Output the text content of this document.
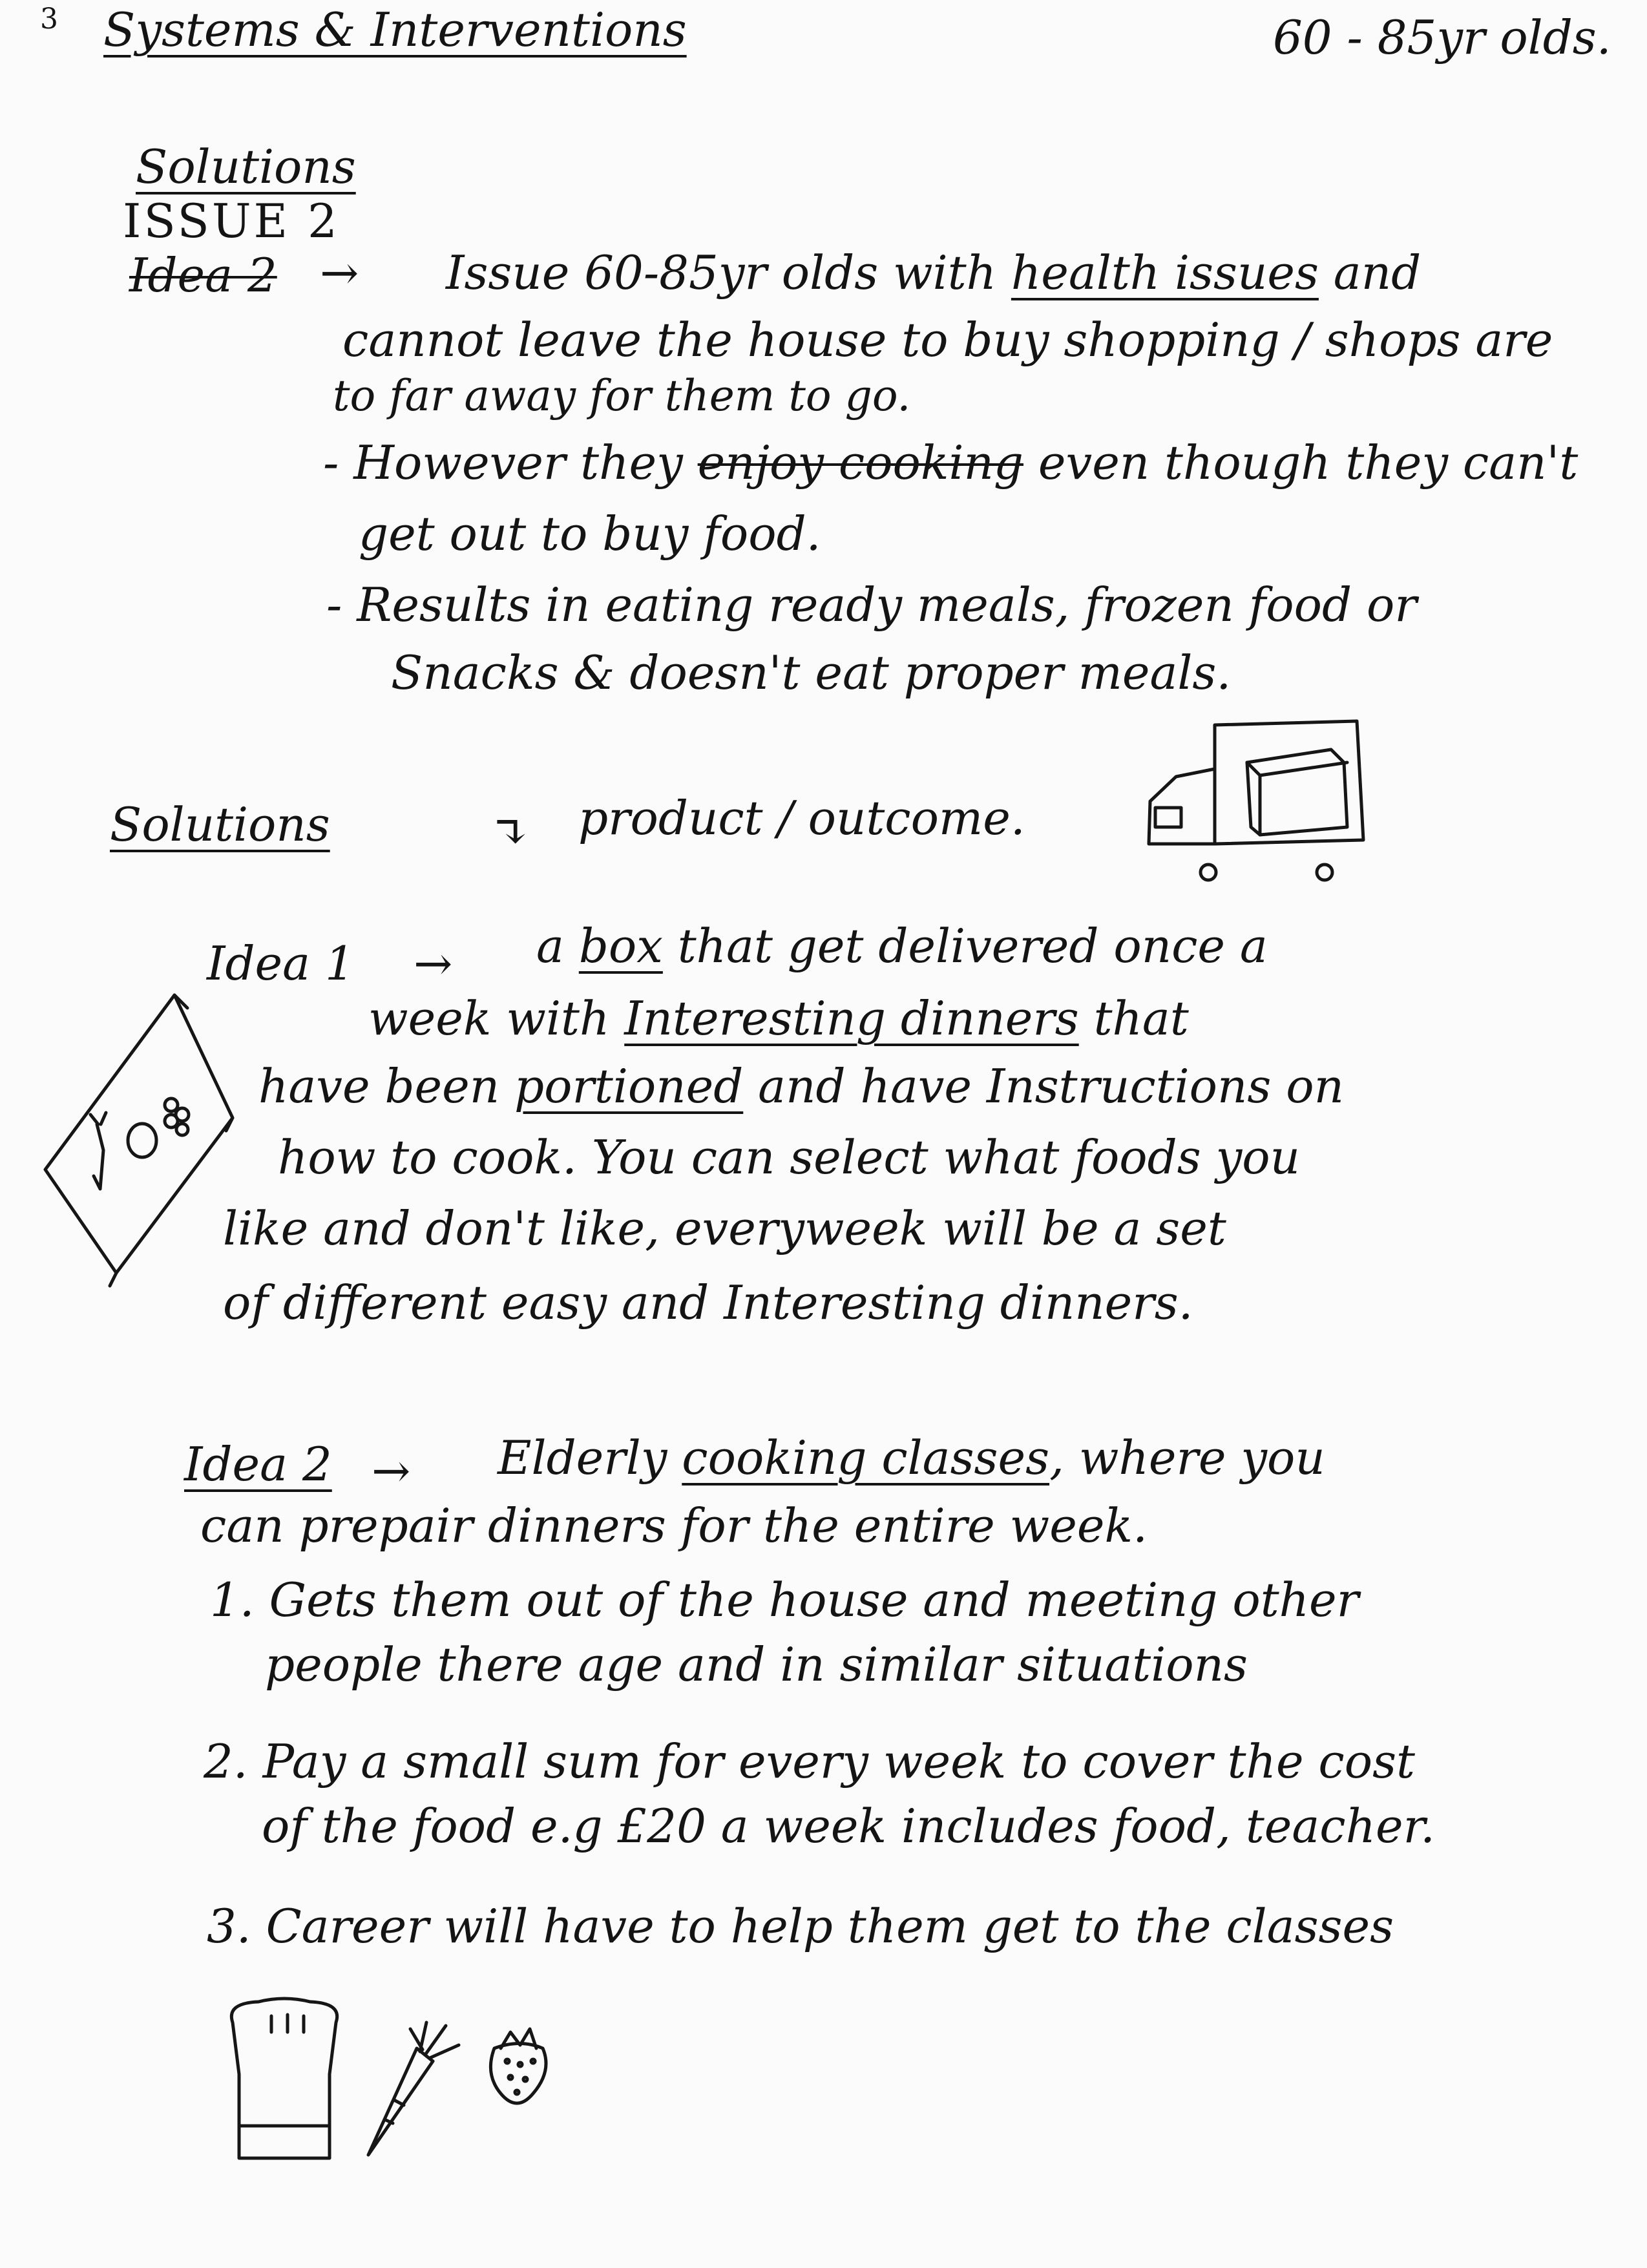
3 Systems & Interventions	60 - 85yr olds.
Solutions
ISSUE 2
Idea 2 → Issue 60-85yr olds with health issues and
cannot leave the house to buy shopping / shops are
to far away for them to go.
- However they enjoy cooking even though they can't
get out to buy food.
- Results in eating ready meals, frozen food or
Snacks & doesn't eat proper meals.
Solutions	↴ product / outcome.
Idea 1 → a box that get delivered once a
week with Interesting dinners that
have been portioned and have Instructions on
how to cook. You can select what foods you
like and don't like, everyweek will be a set
of different easy and Interesting dinners.
Idea 2 → Elderly cooking classes, where you
can prepair dinners for the entire week.
1. Gets them out of the house and meeting other
people there age and in similar situations
2. Pay a small sum for every week to cover the cost
of the food e.g £20 a week includes food, teacher.
3. Career will have to help them get to the classes
